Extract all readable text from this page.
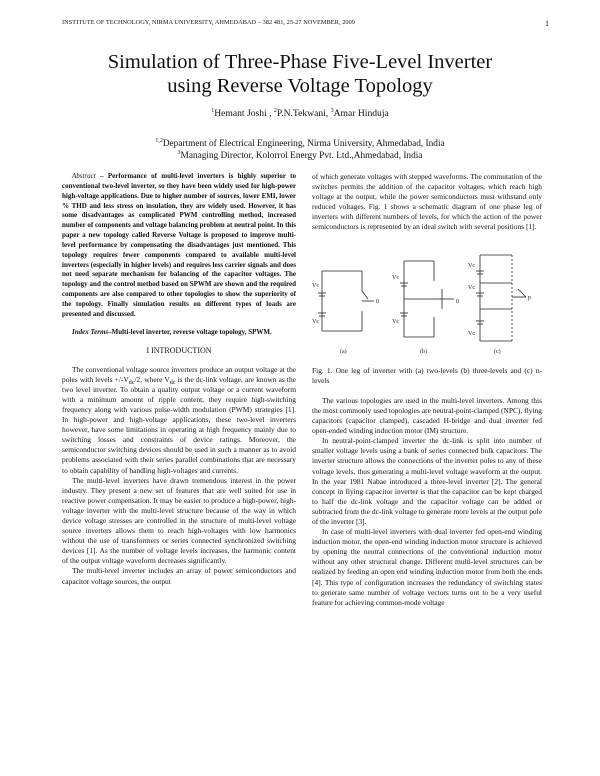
INSTITUTE OF TECHNOLOGY, NIRMA UNIVERSITY, AHMEDABAD – 382 481, 25-27 NOVEMBER, 2009	1
Simulation of Three-Phase Five-Level Inverter
using Reverse Voltage Topology
$^1$Hemant Joshi , $^2$P.N.Tekwani, $^3$Amar Hinduja
$^{1,2}$Department of Electrical Engineering, Nirma University, Ahmedabad, India
$^3$Managing Director, Kolorrol Energy Pvt. Ltd.,Ahmedabad, India

Abstract – Performance of multi-level inverters is highly superior to conventional two-level inverter, so they have been widely used for high-power high-voltage applications. Due to higher number of sources, lower EMI, lower % THD and less stress on insulation, they are widely used. However, it has some disadvantages as complicated PWM controlling method, increased number of components and voltage balancing problem at neutral point. In this paper a new topology called Reverse Voltage is proposed to improve multi-level performance by compensating the disadvantages just mentioned. This topology requires fewer components compared to available multi-level inverters (especially in higher levels) and requires less carrier signals and does not need separate mechanism for balancing of the capacitor voltages. The topology and the control method based on SPWM are shown and the required components are also compared to other topologies to show the superiority of the topology. Finally simulation results on different types of loads are presented and discussed.

Index Terms–Multi-level inverter, reverse voltage topology, SPWM.

I INTRODUCTION

The conventional voltage source inverters produce an output voltage at the poles with levels $+/-V_{dc}/2$, where $V_{dc}$ is the dc-link voltage, are known as the two level inverter. To obtain a quality output voltage or a current waveform with a minimum amount of ripple content, they require high-switching frequency along with various pulse-width modulation (PWM) strategies [1]. In high-power and high-voltage applications, these two-level inverters however, have some limitations in operating at high frequency mainly due to switching losses and constraints of device ratings. Moreover, the semiconductor switching devices should be used in such a manner as to avoid problems associated with their series parallel combinations that are necessary to obtain capability of handling high-voltages and currents.

The multi-level inverters have drawn tremendous interest in the power industry. They present a new set of features that are well suited for use in reactive power compensation. It may be easier to produce a high-power, high-voltage inverter with the multi-level structure because of the way in which device voltage stresses are controlled in the structure of multi-level voltage source inverters allows them to reach high-voltages with low harmonics without the use of transformers or series connected synchronized switching devices [1]. As the number of voltage levels increases, the harmonic content of the output voltage waveform decreases significantly.

The multi-level inverter includes an array of power semiconductors and capacitor voltage sources, the output

of which generate voltages with stepped waveforms. The commutation of the switches permits the addition of the capacitor voltages, which reach high voltage at the output, while the power semiconductors must withstand only reduced voltages. Fig. 1 shows a schematic diagram of one phase leg of inverters with different numbers of levels, for which the action of the power semiconductors is represented by an ideal switch with several positions [1].

Vc
Vc
Vc
Vc
Vc
Vc
Vc
0	0
p
(a)	(b)	(c)

Fig. 1. One leg of inverter with (a) two-levels (b) three-levels and (c) n-levels

The various topologies are used in the multi-level inverters. Among this the most commonly used topologies are neutral-point-clamped (NPC), flying capacitors (capacitor clamped), cascaded H-bridge and dual inverter fed open-ended winding induction motor (IM) structure.

In neutral-point-clamped inverter the dc-link is split into number of smaller voltage levels using a bank of series connected bulk capacitors. The inverter structure allows the connections of the inverter poles to any of these voltage levels, thus generating a multi-level voltage waveform at the output. In the year 1981 Nabae introduced a three-level inverter [2]. The general concept in flying capacitor inverter is that the capacitor can be kept charged to half the dc-link voltage and the capacitor voltage can be added or subtracted from the dc-link voltage to generate more levels at the output pole of the inverter [3].

In case of multi-level inverters with dual inverter fed open-end winding induction motor, the open-end winding induction motor structure is achieved by opening the neutral connections of the conventional induction motor without any other structural change. Different multi-level structures can be realized by feeding an open end winding induction motor from both the ends [4]. This type of configuration increases the redundancy of switching states to generate same number of voltage vectors turns out to be a very useful feature for achieving common-mode voltage
